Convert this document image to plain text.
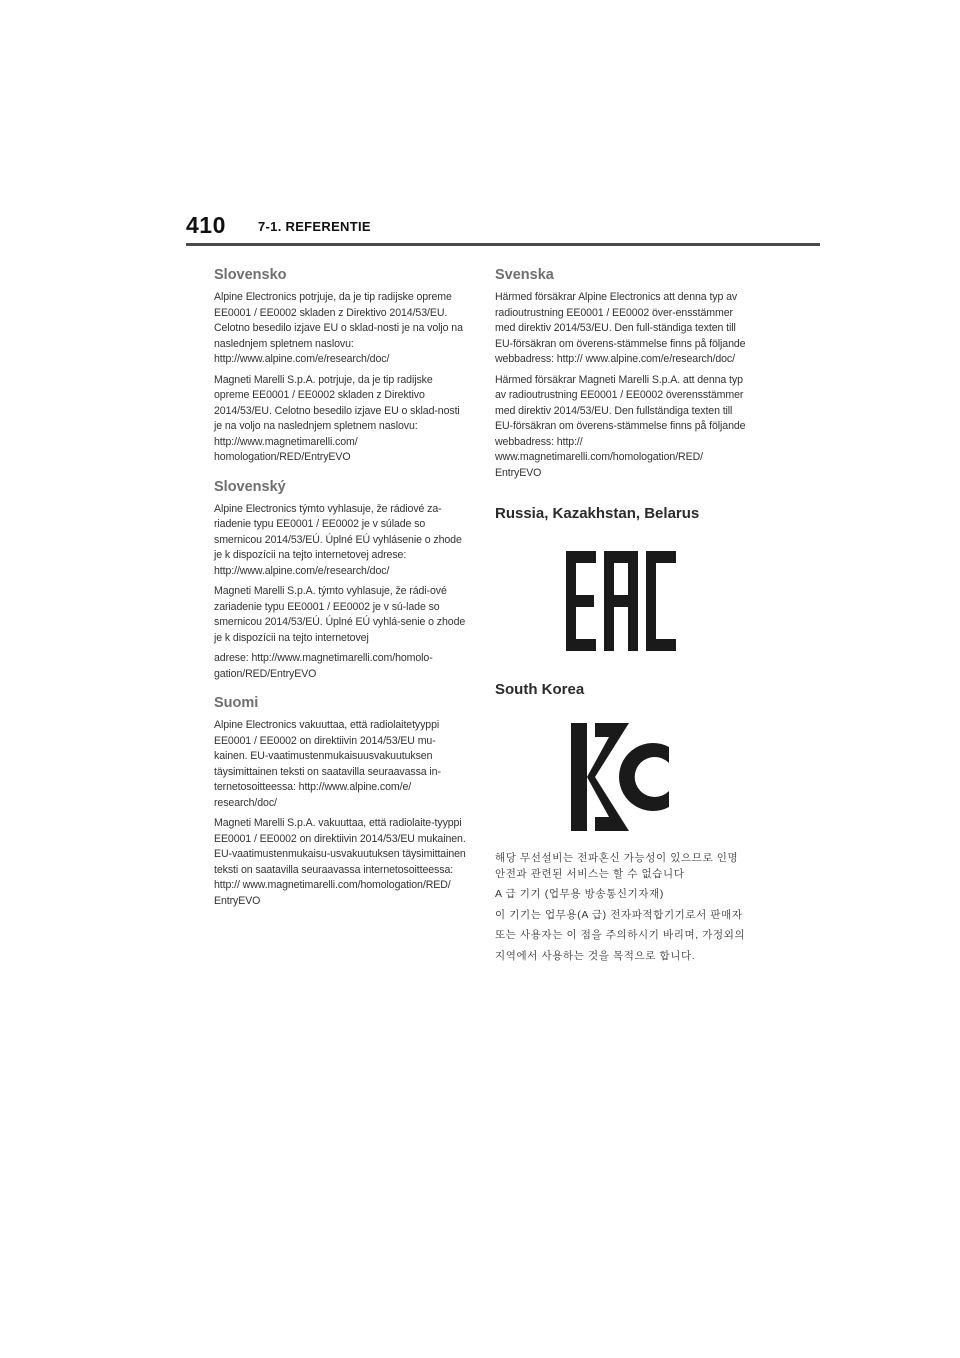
410 7-1. REFERENTIE
Slovensko

Alpine Electronics potrjuje, da je tip radijske opreme EE0001 / EE0002 skladen z Direktivo 2014/53/EU. Celotno besedilo izjave EU o sklad-nosti je na voljo na naslednjem spletnem naslovu: http://www.alpine.com/e/research/doc/

Magneti Marelli S.p.A. potrjuje, da je tip radijske opreme EE0001 / EE0002 skladen z Direktivo 2014/53/EU. Celotno besedilo izjave EU o sklad-nosti je na voljo na naslednjem spletnem naslovu: http://www.magnetimarelli.com/ homologation/RED/EntryEVO

Slovenský

Alpine Electronics týmto vyhlasuje, že rádiové za-riadenie typu EE0001 / EE0002 je v súlade so smernicou 2014/53/EÚ. Úplné EÚ vyhlásenie o zhode je k dispozícii na tejto internetovej adrese: http://www.alpine.com/e/research/doc/

Magneti Marelli S.p.A. týmto vyhlasuje, že rádi-ové zariadenie typu EE0001 / EE0002 je v sú-lade so smernicou 2014/53/EÚ. Úplné EÚ vyhlá-senie o zhode je k dispozícii na tejto internetovej

adrese: http://www.magnetimarelli.com/homolo-gation/RED/EntryEVO

Suomi

Alpine Electronics vakuuttaa, että radiolaitetyyppi EE0001 / EE0002 on direktiivin 2014/53/EU mu-kainen. EU-vaatimustenmukaisuusvakuutuksen täysimittainen teksti on saatavilla seuraavassa in-ternetosoitteessa: http://www.alpine.com/e/ research/doc/

Magneti Marelli S.p.A. vakuuttaa, että radiolaite-tyyppi EE0001 / EE0002 on direktiivin 2014/53/EU mukainen. EU-vaatimustenmukaisu-usvakuutuksen täysimittainen teksti on saatavilla seuraavassa internetosoitteessa: http:// www.magnetimarelli.com/homologation/RED/ EntryEVO

Svenska

Härmed försäkrar Alpine Electronics att denna typ av radioutrustning EE0001 / EE0002 över-ensstämmer med direktiv 2014/53/EU. Den full-ständiga texten till EU-försäkran om överens-stämmelse finns på följande webbadress: http:// www.alpine.com/e/research/doc/

Härmed försäkrar Magneti Marelli S.p.A. att denna typ av radioutrustning EE0001 / EE0002 överensstämmer med direktiv 2014/53/EU. Den fullständiga texten till EU-försäkran om överens-stämmelse finns på följande webbadress: http:// www.magnetimarelli.com/homologation/RED/ EntryEVO

Russia, Kazakhstan, Belarus
South Korea

해당 무선설비는 전파혼신 가능성이 있으므로 인명안전과 관련된 서비스는 할 수 없습니다

A 급 기기 (업무용 방송통신기자재)

이 기기는 업무용(A 급) 전자파적합기기로서 판매자

또는 사용자는 이 점을 주의하시기 바리며, 가정외의

지역에서 사용하는 것을 목적으로 합니다.
